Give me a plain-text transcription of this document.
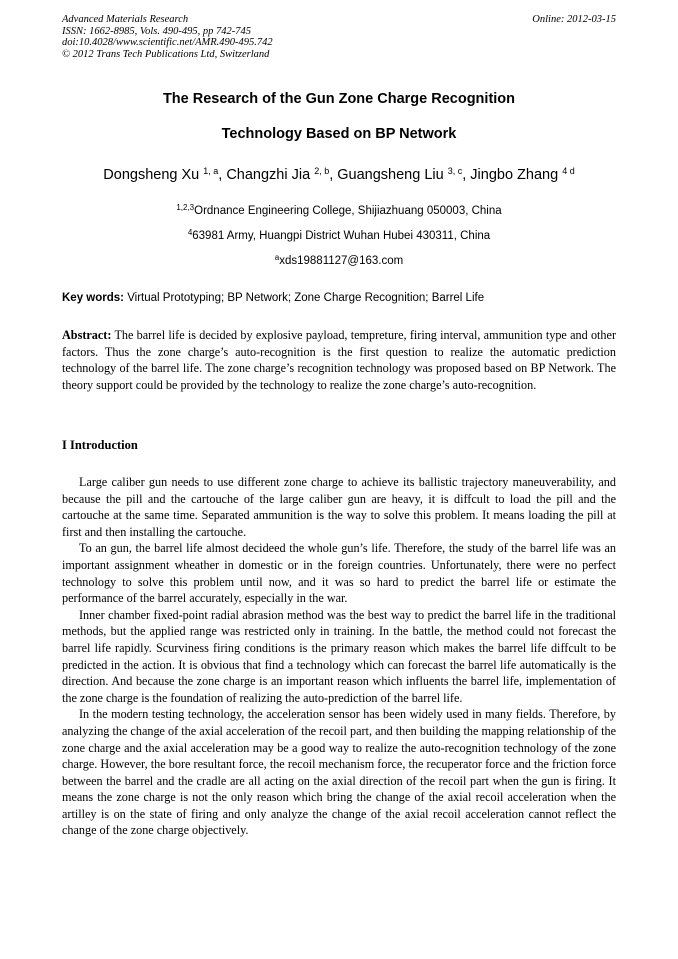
Advanced Materials Research	Online: 2012-03-15
ISSN: 1662-8985, Vols. 490-495, pp 742-745
doi:10.4028/www.scientific.net/AMR.490-495.742
© 2012 Trans Tech Publications Ltd, Switzerland
The Research of the Gun Zone Charge Recognition
Technology Based on BP Network
Dongsheng Xu $^{1, a}$, Changzhi Jia $^{2, b}$, Guangsheng Liu $^{3, c}$, Jingbo Zhang $^{4 d}$
$^{1,2,3}$Ordnance Engineering College, Shijiazhuang 050003, China
$^4$63981 Army, Huangpi District Wuhan Hubei 430311, China
$^a$xds19881127@163.com
Key words: Virtual Prototyping; BP Network; Zone Charge Recognition; Barrel Life
Abstract: The barrel life is decided by explosive payload, tempreture, firing interval, ammunition type and other factors. Thus the zone charge’s auto-recognition is the first question to realize the automatic prediction technology of the barrel life. The zone charge’s recognition technology was proposed based on BP Network. The theory support could be provided by the technology to realize the zone charge’s auto-recognition.
I Introduction

Large caliber gun needs to use different zone charge to achieve its ballistic trajectory maneuverability, and because the pill and the cartouche of the large caliber gun are heavy, it is diffcult to load the pill and the cartouche at the same time. Separated ammunition is the way to solve this problem. It means loading the pill at first and then installing the cartouche.

To an gun, the barrel life almost decideed the whole gun’s life. Therefore, the study of the barrel life was an important assignment wheather in domestic or in the foreign countries. Unfortunately, there were no perfect technology to solve this problem until now, and it was so hard to predict the barrel life or estimate the performance of the barrel accurately, especially in the war.

Inner chamber fixed-point radial abrasion method was the best way to predict the barrel life in the traditional methods, but the applied range was restricted only in training. In the battle, the method could not forecast the barrel life rapidly. Scurviness firing conditions is the primary reason which makes the barrel life diffcult to be predicted in the action. It is obvious that find a technology which can forecast the barrel life automatically is the direction. And because the zone charge is an important reason which influents the barrel life, implementation of the zone charge is the foundation of realizing the auto-prediction of the barrel life.

In the modern testing technology, the acceleration sensor has been widely used in many fields. Therefore, by analyzing the change of the axial acceleration of the recoil part, and then building the mapping relationship of the zone charge and the axial acceleration may be a good way to realize the auto-recognition technology of the zone charge. However, the bore resultant force, the recoil mechanism force, the recuperator force and the friction force between the barrel and the cradle are all acting on the axial direction of the recoil part when the gun is firing. It means the zone charge is not the only reason which bring the change of the axial recoil acceleration when the artilley is on the state of firing and only analyze the change of the axial recoil acceleration cannot reflect the change of the zone charge objectively.
